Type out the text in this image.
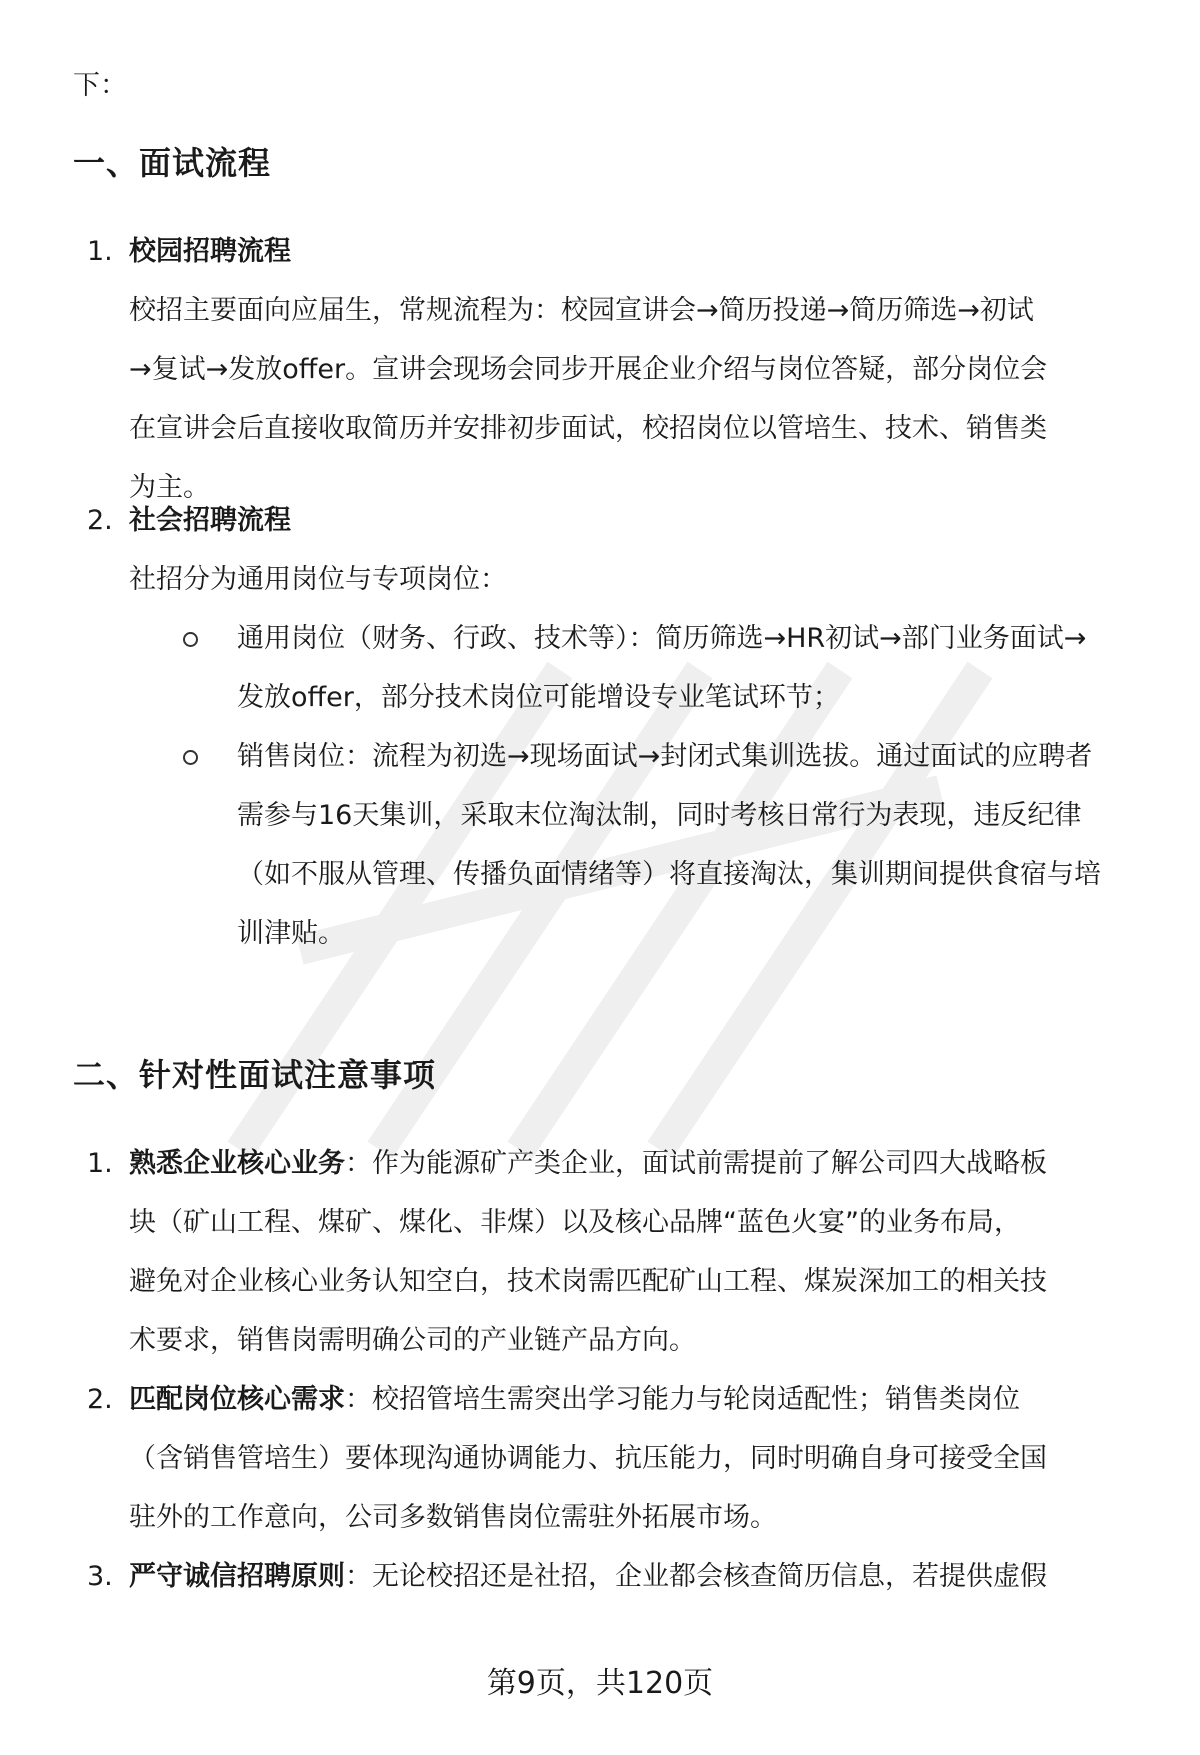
下：
一、面试流程
1. 校园招聘流程
校招主要面向应届生，常规流程为：校园宣讲会→简历投递→简历筛选→初试
→复试→发放offer。宣讲会现场会同步开展企业介绍与岗位答疑，部分岗位会
在宣讲会后直接收取简历并安排初步面试，校招岗位以管培生、技术、销售类
为主。
2. 社会招聘流程
社招分为通用岗位与专项岗位：
通用岗位（财务、行政、技术等）：简历筛选→HR初试→部门业务面试→
发放offer，部分技术岗位可能增设专业笔试环节；
销售岗位：流程为初选→现场面试→封闭式集训选拔。通过面试的应聘者
需参与16天集训，采取末位淘汰制，同时考核日常行为表现，违反纪律
（如不服从管理、传播负面情绪等）将直接淘汰，集训期间提供食宿与培
训津贴。
二、针对性面试注意事项
1. 熟悉企业核心业务：作为能源矿产类企业，面试前需提前了解公司四大战略板
块（矿山工程、煤矿、煤化、非煤）以及核心品牌“蓝色火宴”的业务布局，
避免对企业核心业务认知空白，技术岗需匹配矿山工程、煤炭深加工的相关技
术要求，销售岗需明确公司的产业链产品方向。
2. 匹配岗位核心需求：校招管培生需突出学习能力与轮岗适配性；销售类岗位
（含销售管培生）要体现沟通协调能力、抗压能力，同时明确自身可接受全国
驻外的工作意向，公司多数销售岗位需驻外拓展市场。
3. 严守诚信招聘原则：无论校招还是社招，企业都会核查简历信息，若提供虚假
第9页，共120页
